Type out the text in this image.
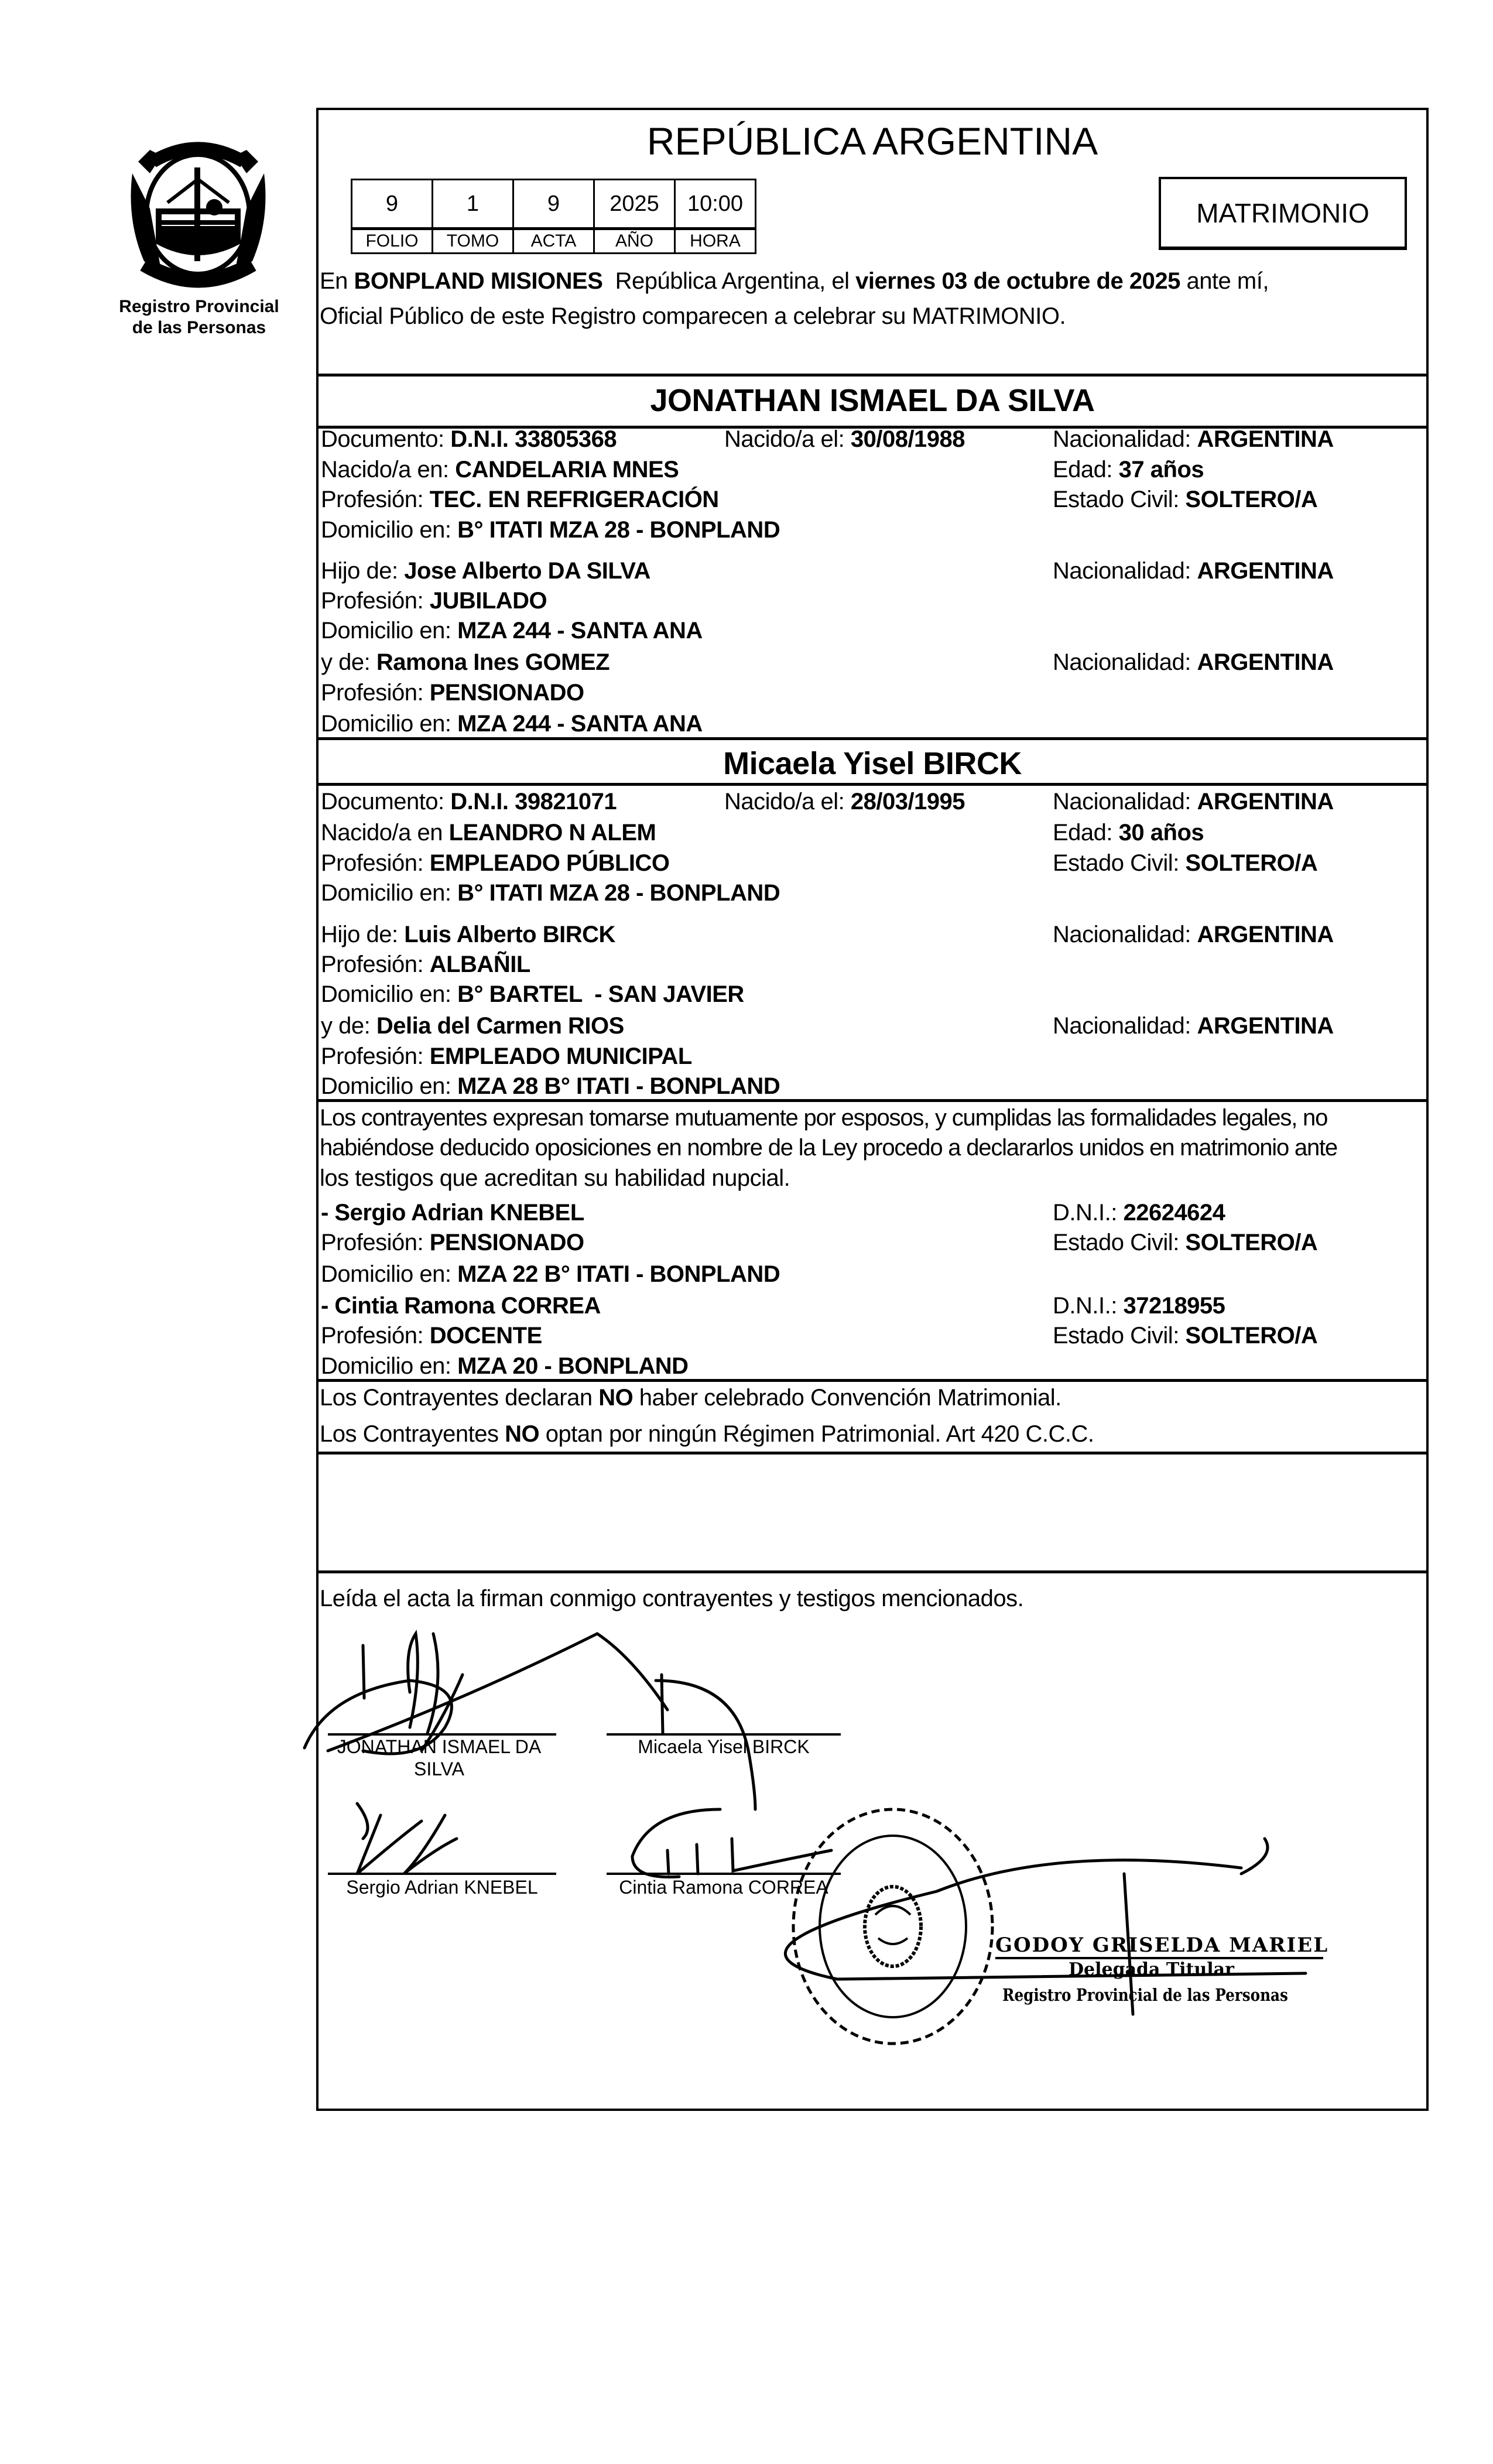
Registro Provincial
de las Personas
REPÚBLICA ARGENTINA
9	1	9	2025	10:00
FOLIO	TOMO	ACTA	AÑO	HORA
MATRIMONIO
En BONPLAND MISIONES  República Argentina, el viernes 03 de octubre de 2025 ante mí,
Oficial Público de este Registro comparecen a celebrar su MATRIMONIO.
JONATHAN ISMAEL DA SILVA
Documento: D.N.I. 33805368	Nacido/a el: 30/08/1988	Nacionalidad: ARGENTINA
Nacido/a en: CANDELARIA MNES	Edad: 37 años
Profesión: TEC. EN REFRIGERACIÓN	Estado Civil: SOLTERO/A
Domicilio en: B° ITATI MZA 28 - BONPLAND
Hijo de: Jose Alberto DA SILVA	Nacionalidad: ARGENTINA
Profesión: JUBILADO
Domicilio en: MZA 244 - SANTA ANA
y de: Ramona Ines GOMEZ	Nacionalidad: ARGENTINA
Profesión: PENSIONADO
Domicilio en: MZA 244 - SANTA ANA
Micaela Yisel BIRCK
Documento: D.N.I. 39821071	Nacido/a el: 28/03/1995	Nacionalidad: ARGENTINA
Nacido/a en LEANDRO N ALEM	Edad: 30 años
Profesión: EMPLEADO PÚBLICO	Estado Civil: SOLTERO/A
Domicilio en: B° ITATI MZA 28 - BONPLAND
Hijo de: Luis Alberto BIRCK	Nacionalidad: ARGENTINA
Profesión: ALBAÑIL
Domicilio en: B° BARTEL  - SAN JAVIER
y de: Delia del Carmen RIOS	Nacionalidad: ARGENTINA
Profesión: EMPLEADO MUNICIPAL
Domicilio en: MZA 28 B° ITATI - BONPLAND
Los contrayentes expresan tomarse mutuamente por esposos, y cumplidas las formalidades legales, no
habiéndose deducido oposiciones en nombre de la Ley procedo a declararlos unidos en matrimonio ante
los testigos que acreditan su habilidad nupcial.
- Sergio Adrian KNEBEL	D.N.I.: 22624624
Profesión: PENSIONADO	Estado Civil: SOLTERO/A
Domicilio en: MZA 22 B° ITATI - BONPLAND
- Cintia Ramona CORREA	D.N.I.: 37218955
Profesión: DOCENTE	Estado Civil: SOLTERO/A
Domicilio en: MZA 20 - BONPLAND
Los Contrayentes declaran NO haber celebrado Convención Matrimonial.
Los Contrayentes NO optan por ningún Régimen Patrimonial. Art 420 C.C.C.
Leída el acta la firman conmigo contrayentes y testigos mencionados.
JONATHAN ISMAEL DA
SILVA
Micaela Yisel BIRCK
Sergio Adrian KNEBEL	Cintia Ramona CORREA
GODOY GRISELDA MARIEL
Delegada Titular
Registro Provincial de las Personas
